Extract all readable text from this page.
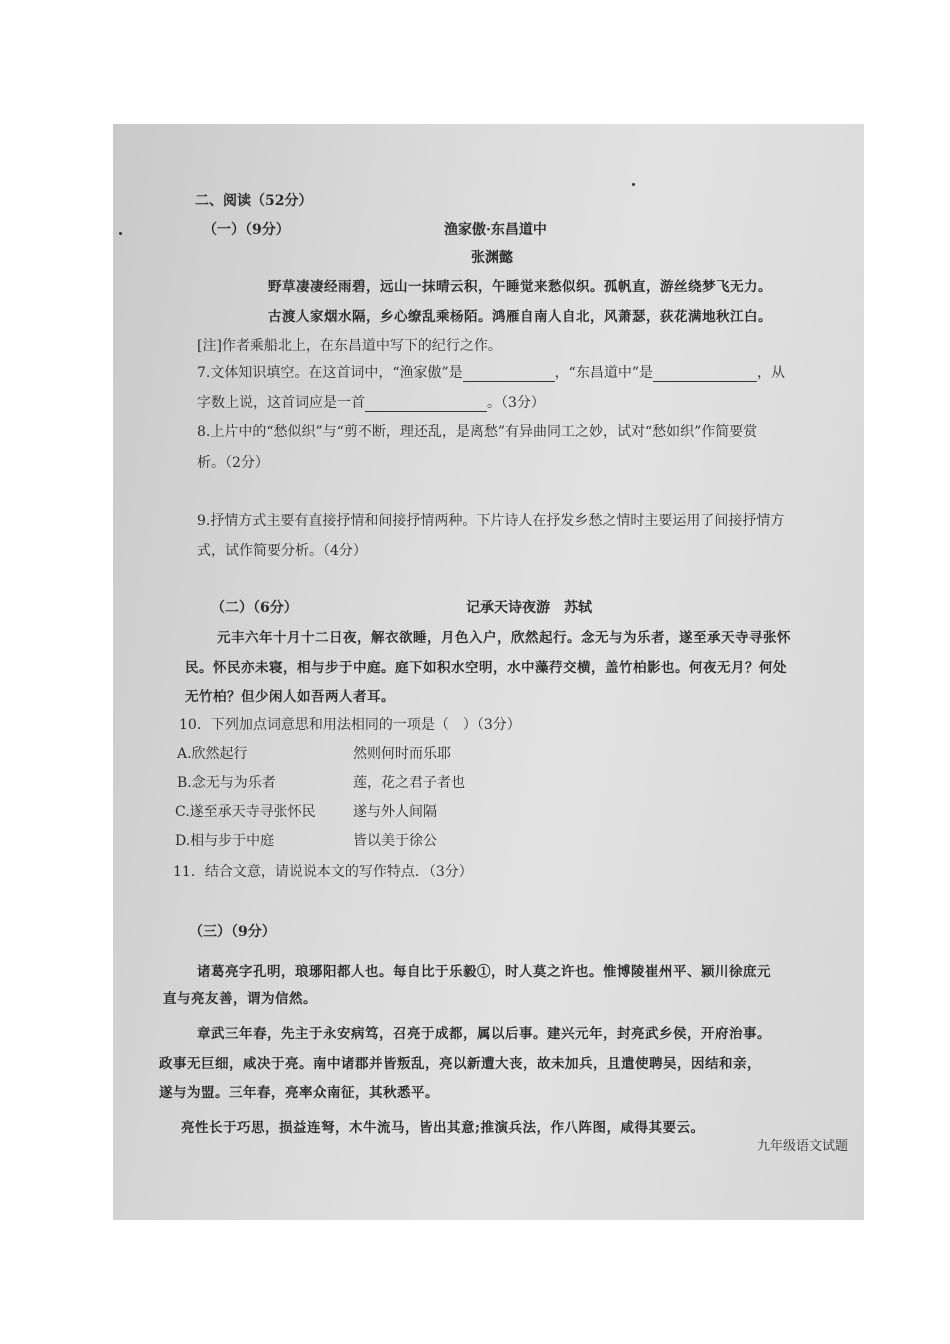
二、阅读（52分）
（一）（9分）	渔家傲·东昌道中
张渊懿
野草凄凄经雨碧，远山一抹晴云积，午睡觉来愁似织。孤帆直，游丝绕梦飞无力。
古渡人家烟水隔，乡心缭乱乘杨陌。鸿雁自南人自北，风萧瑟，荻花满地秋江白。
[注]作者乘船北上，在东昌道中写下的纪行之作。
7.文体知识填空。在这首词中，“渔家傲”是	，“东昌道中”是	，从
字数上说，这首词应是一首	。（3分）
8.上片中的“愁似织”与“剪不断，理还乱，是离愁”有异曲同工之妙，试对“愁如织”作简要赏
析。（2分）
9.抒情方式主要有直接抒情和间接抒情两种。下片诗人在抒发乡愁之情时主要运用了间接抒情方
式，试作简要分析。（4分）
（二）（6分）	记承天诗夜游　苏轼
元丰六年十月十二日夜，解衣欲睡，月色入户，欣然起行。念无与为乐者，遂至承天寺寻张怀
民。怀民亦未寝，相与步于中庭。庭下如积水空明，水中藻荇交横，盖竹柏影也。何夜无月？何处
无竹柏？但少闲人如吾两人者耳。
10．下列加点词意思和用法相同的一项是（　）（3分）
A.欣然起行	然则何时而乐耶
B.念无与为乐者	莲，花之君子者也
C.遂至承天寺寻张怀民	遂与外人间隔
D.相与步于中庭	皆以美于徐公
11．结合文意，请说说本文的写作特点．（3分）
（三）（9分）
诸葛亮字孔明，琅琊阳都人也。每自比于乐毅①，时人莫之许也。惟博陵崔州平、颍川徐庶元
直与亮友善，谓为信然。
章武三年春，先主于永安病笃，召亮于成都，属以后事。建兴元年，封亮武乡侯，开府治事。
政事无巨细，咸决于亮。南中诸郡并皆叛乱，亮以新遭大丧，故未加兵，且遣使聘吴，因结和亲，
遂与为盟。三年春，亮率众南征，其秋悉平。
亮性长于巧思，损益连弩，木牛流马，皆出其意;推演兵法，作八阵图，咸得其要云。
九年级语文试题
